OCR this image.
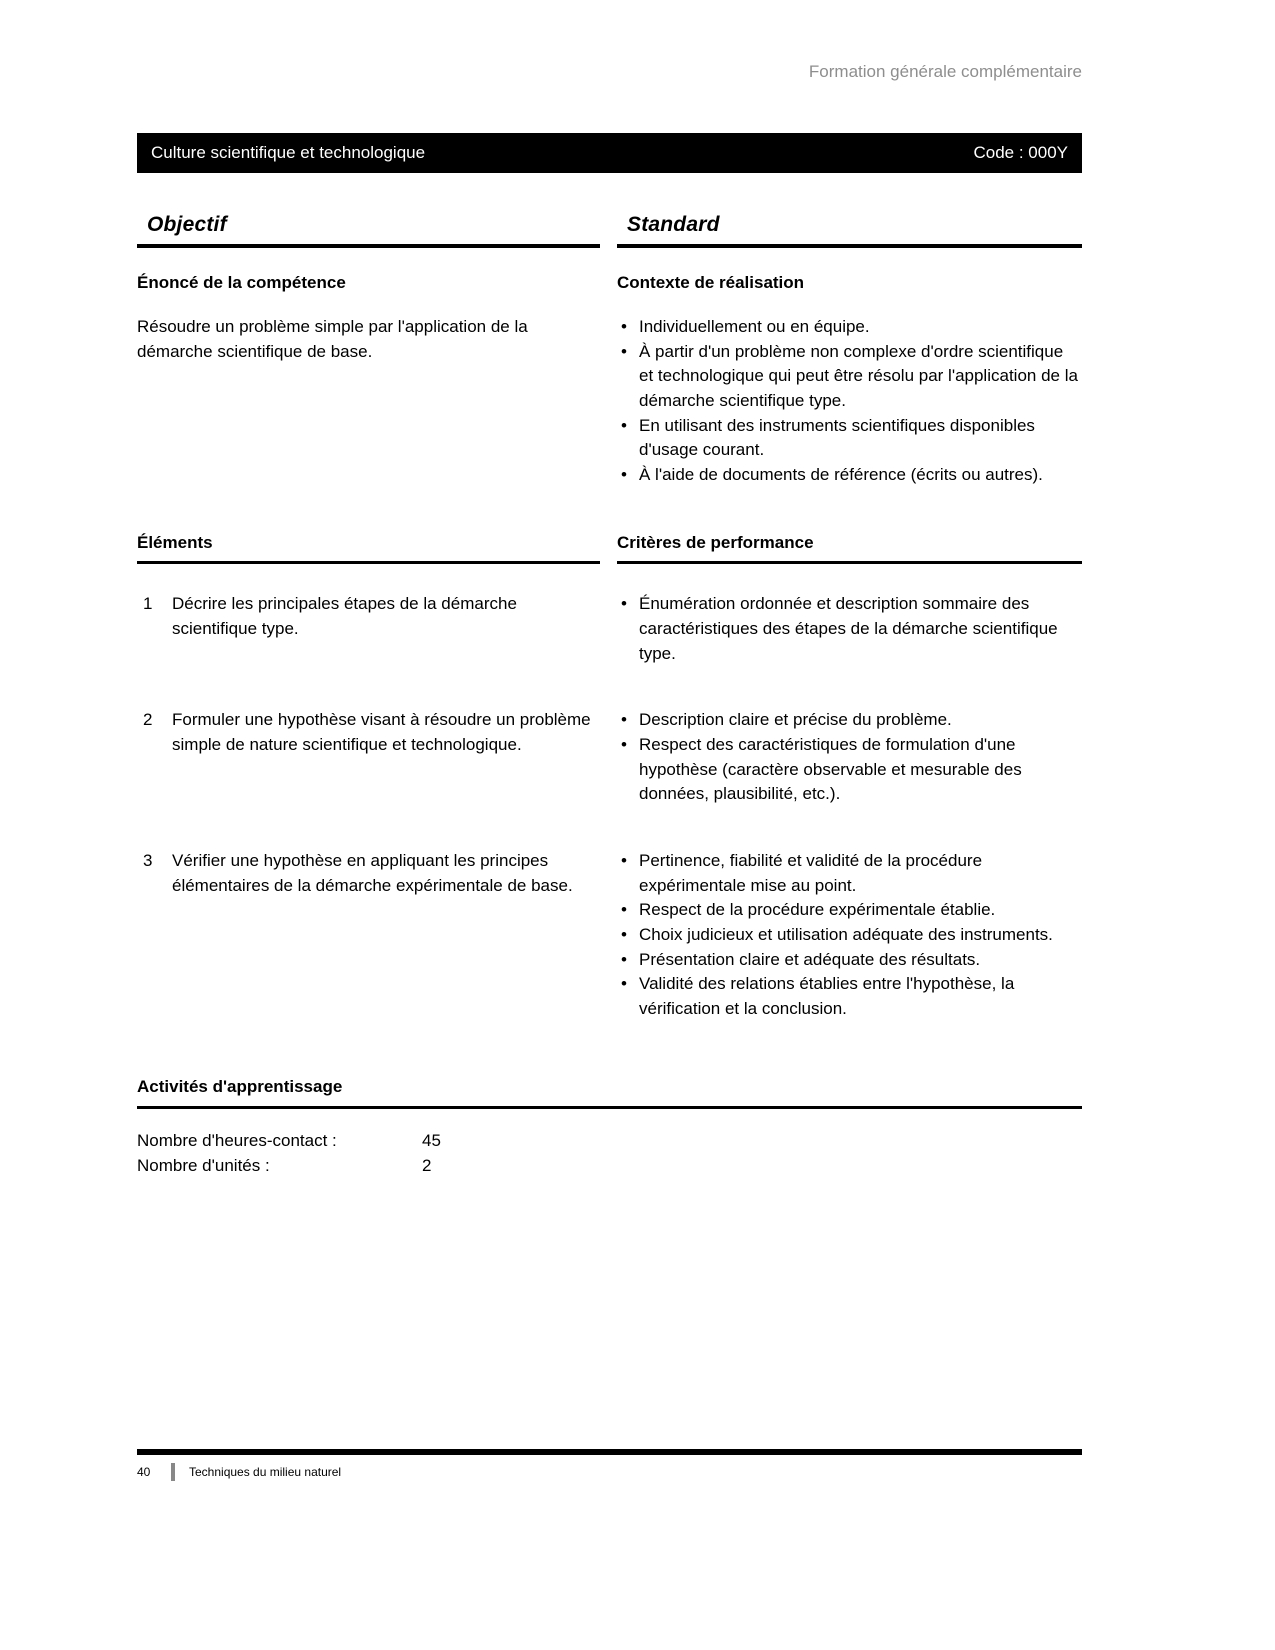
Formation générale complémentaire
Culture scientifique et technologique	Code : 000Y
Objectif	Standard
Énoncé de la compétence	Contexte de réalisation
Résoudre un problème simple par l'application de la démarche scientifique de base.
• Individuellement ou en équipe.
• À partir d'un problème non complexe d'ordre scientifique et technologique qui peut être résolu par l'application de la démarche scientifique type.
• En utilisant des instruments scientifiques disponibles d'usage courant.
• À l'aide de documents de référence (écrits ou autres).
Éléments	Critères de performance
1	Décrire les principales étapes de la démarche scientifique type.
• Énumération ordonnée et description sommaire des caractéristiques des étapes de la démarche scientifique type.
2	Formuler une hypothèse visant à résoudre un problème simple de nature scientifique et technologique.
• Description claire et précise du problème.
• Respect des caractéristiques de formulation d'une hypothèse (caractère observable et mesurable des données, plausibilité, etc.).
3	Vérifier une hypothèse en appliquant les principes élémentaires de la démarche expérimentale de base.
• Pertinence, fiabilité et validité de la procédure expérimentale mise au point.
• Respect de la procédure expérimentale établie.
• Choix judicieux et utilisation adéquate des instruments.
• Présentation claire et adéquate des résultats.
• Validité des relations établies entre l'hypothèse, la vérification et la conclusion.
Activités d'apprentissage
Nombre d'heures-contact :	45
Nombre d'unités :	2
40	Techniques du milieu naturel
